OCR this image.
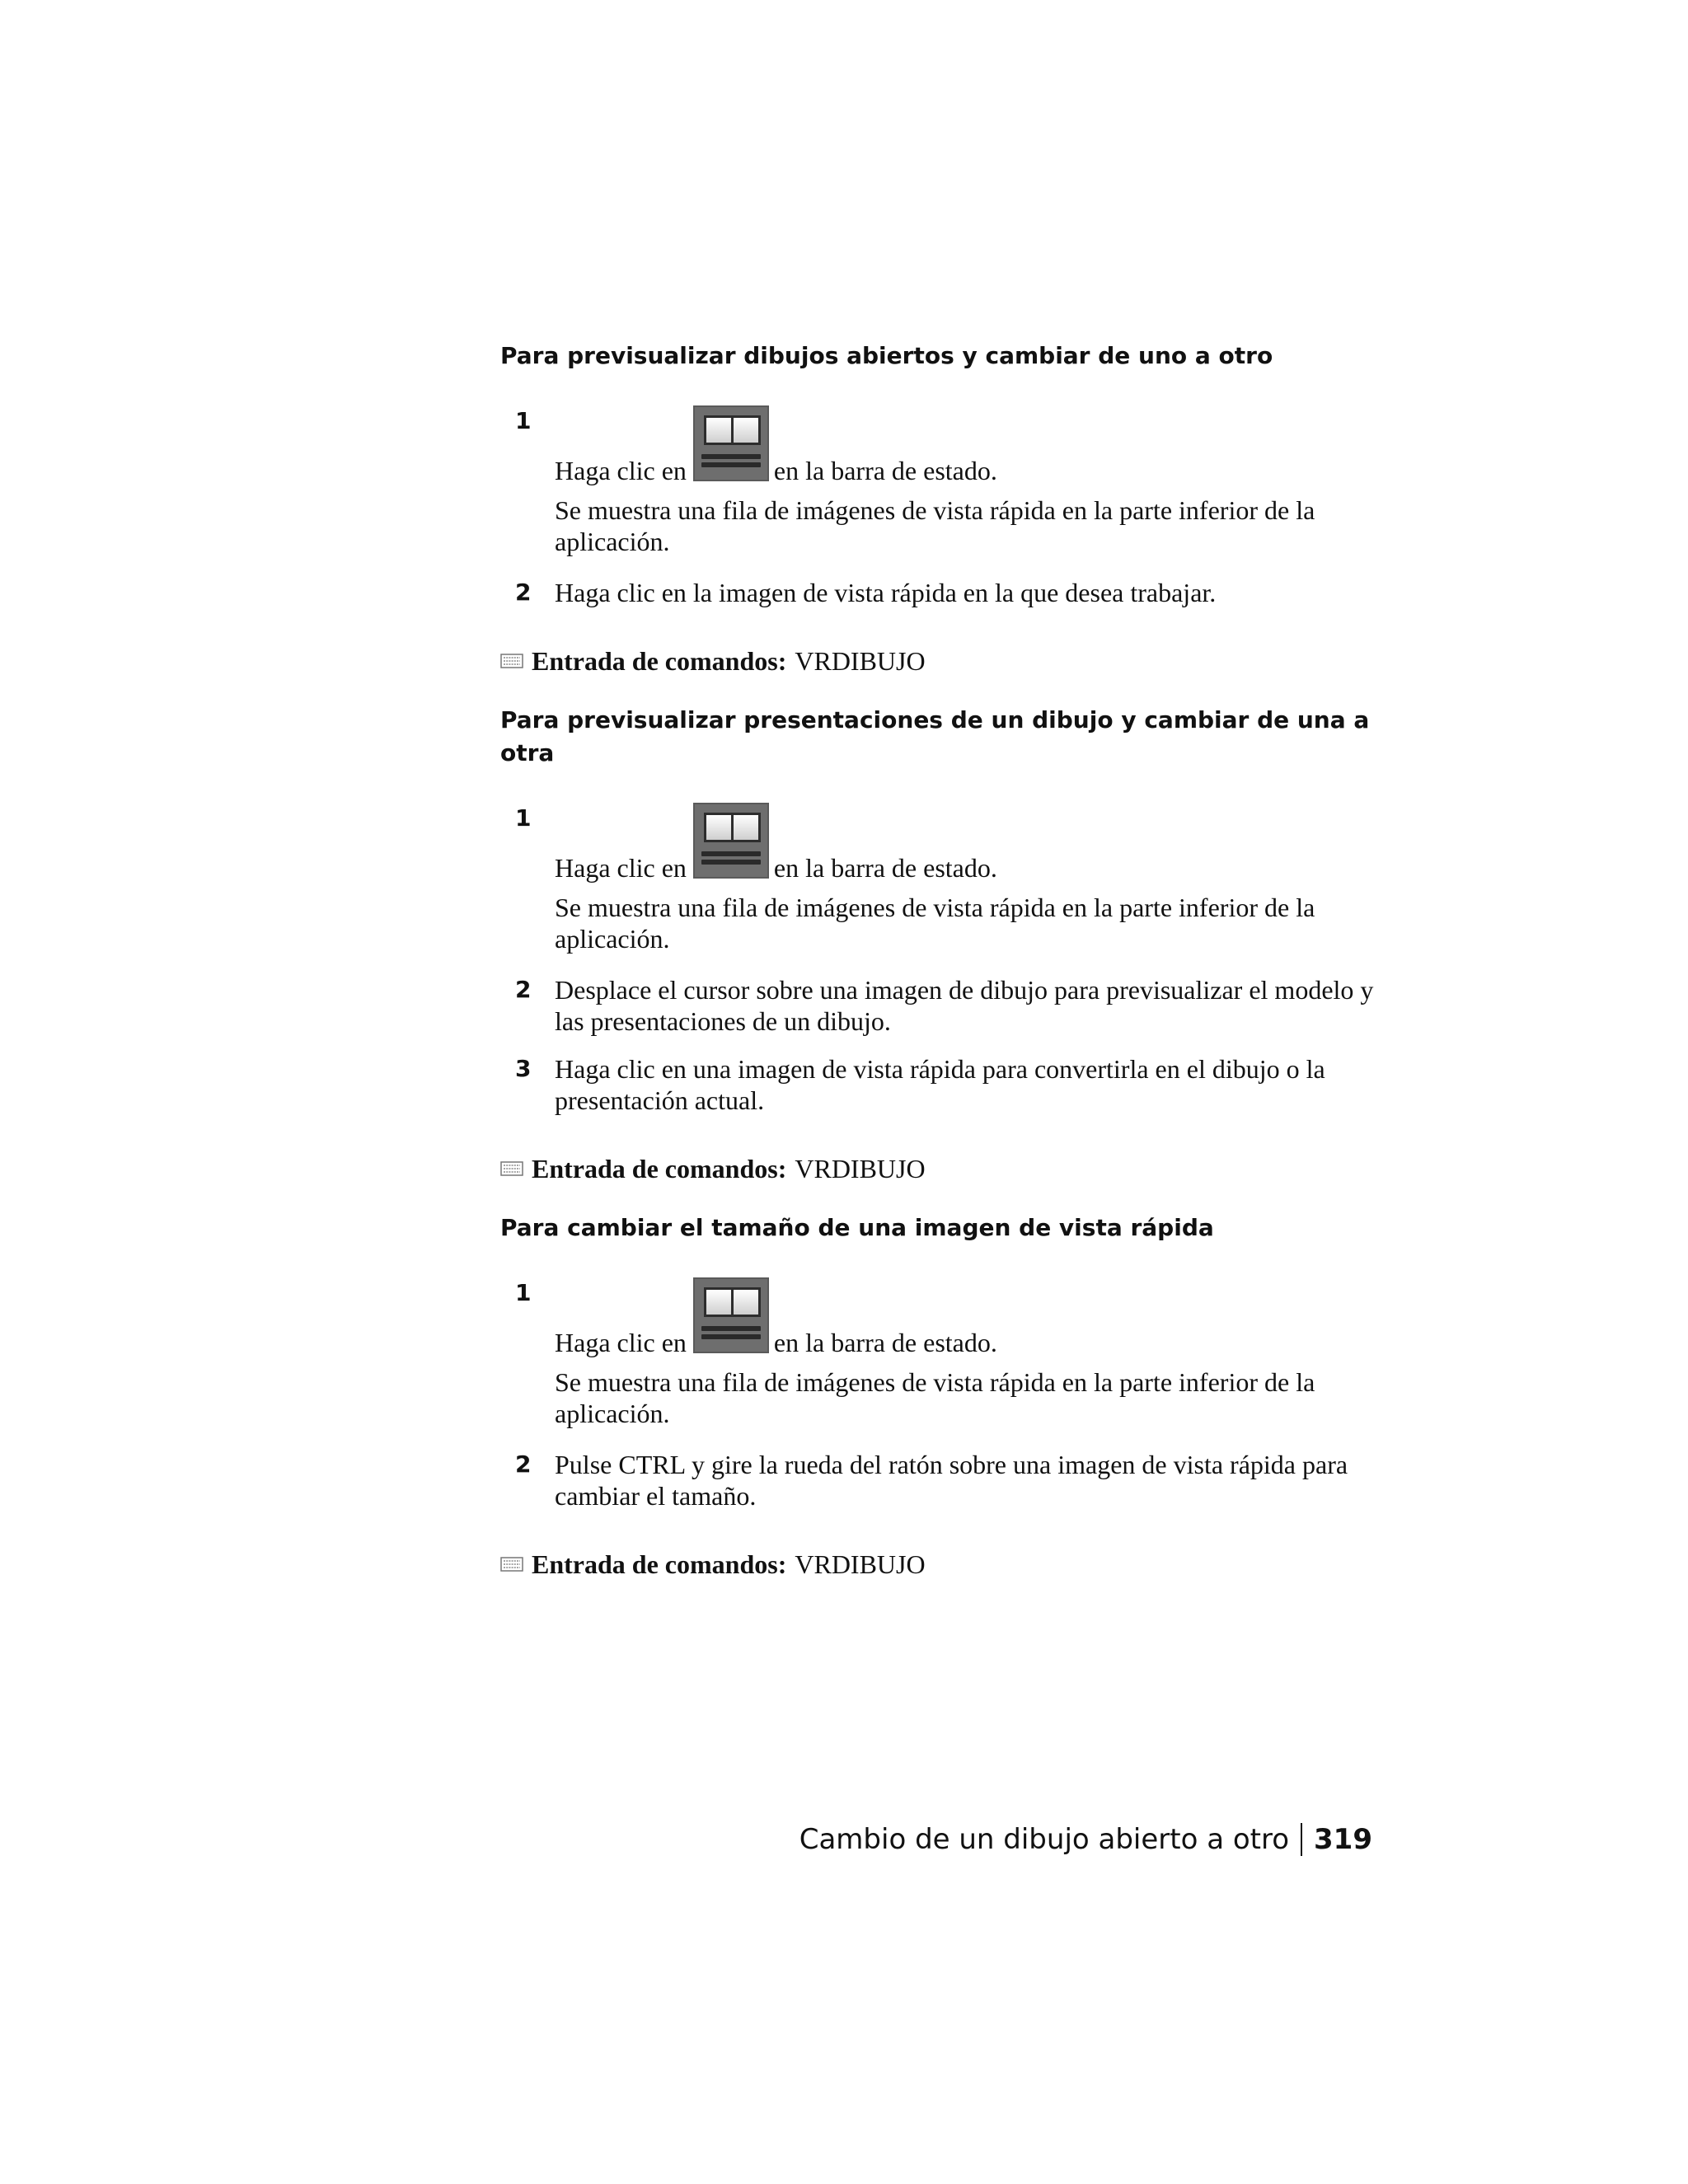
Para previsualizar dibujos abiertos y cambiar de uno a otro
1

Haga clic en	en la barra de estado.

Se muestra una fila de imágenes de vista rápida en la parte inferior de la aplicación.

2 Haga clic en la imagen de vista rápida en la que desea trabajar.

Entrada de comandos: VRDIBUJO

Para previsualizar presentaciones de un dibujo y cambiar de una a otra
1

Haga clic en	en la barra de estado.

Se muestra una fila de imágenes de vista rápida en la parte inferior de la aplicación.

2 Desplace el cursor sobre una imagen de dibujo para previsualizar el modelo y las presentaciones de un dibujo.

3 Haga clic en una imagen de vista rápida para convertirla en el dibujo o la presentación actual.

Entrada de comandos: VRDIBUJO

Para cambiar el tamaño de una imagen de vista rápida
1

Haga clic en	en la barra de estado.

Se muestra una fila de imágenes de vista rápida en la parte inferior de la aplicación.

2 Pulse CTRL y gire la rueda del ratón sobre una imagen de vista rápida para cambiar el tamaño.

Entrada de comandos: VRDIBUJO

Cambio de un dibujo abierto a otro 319
